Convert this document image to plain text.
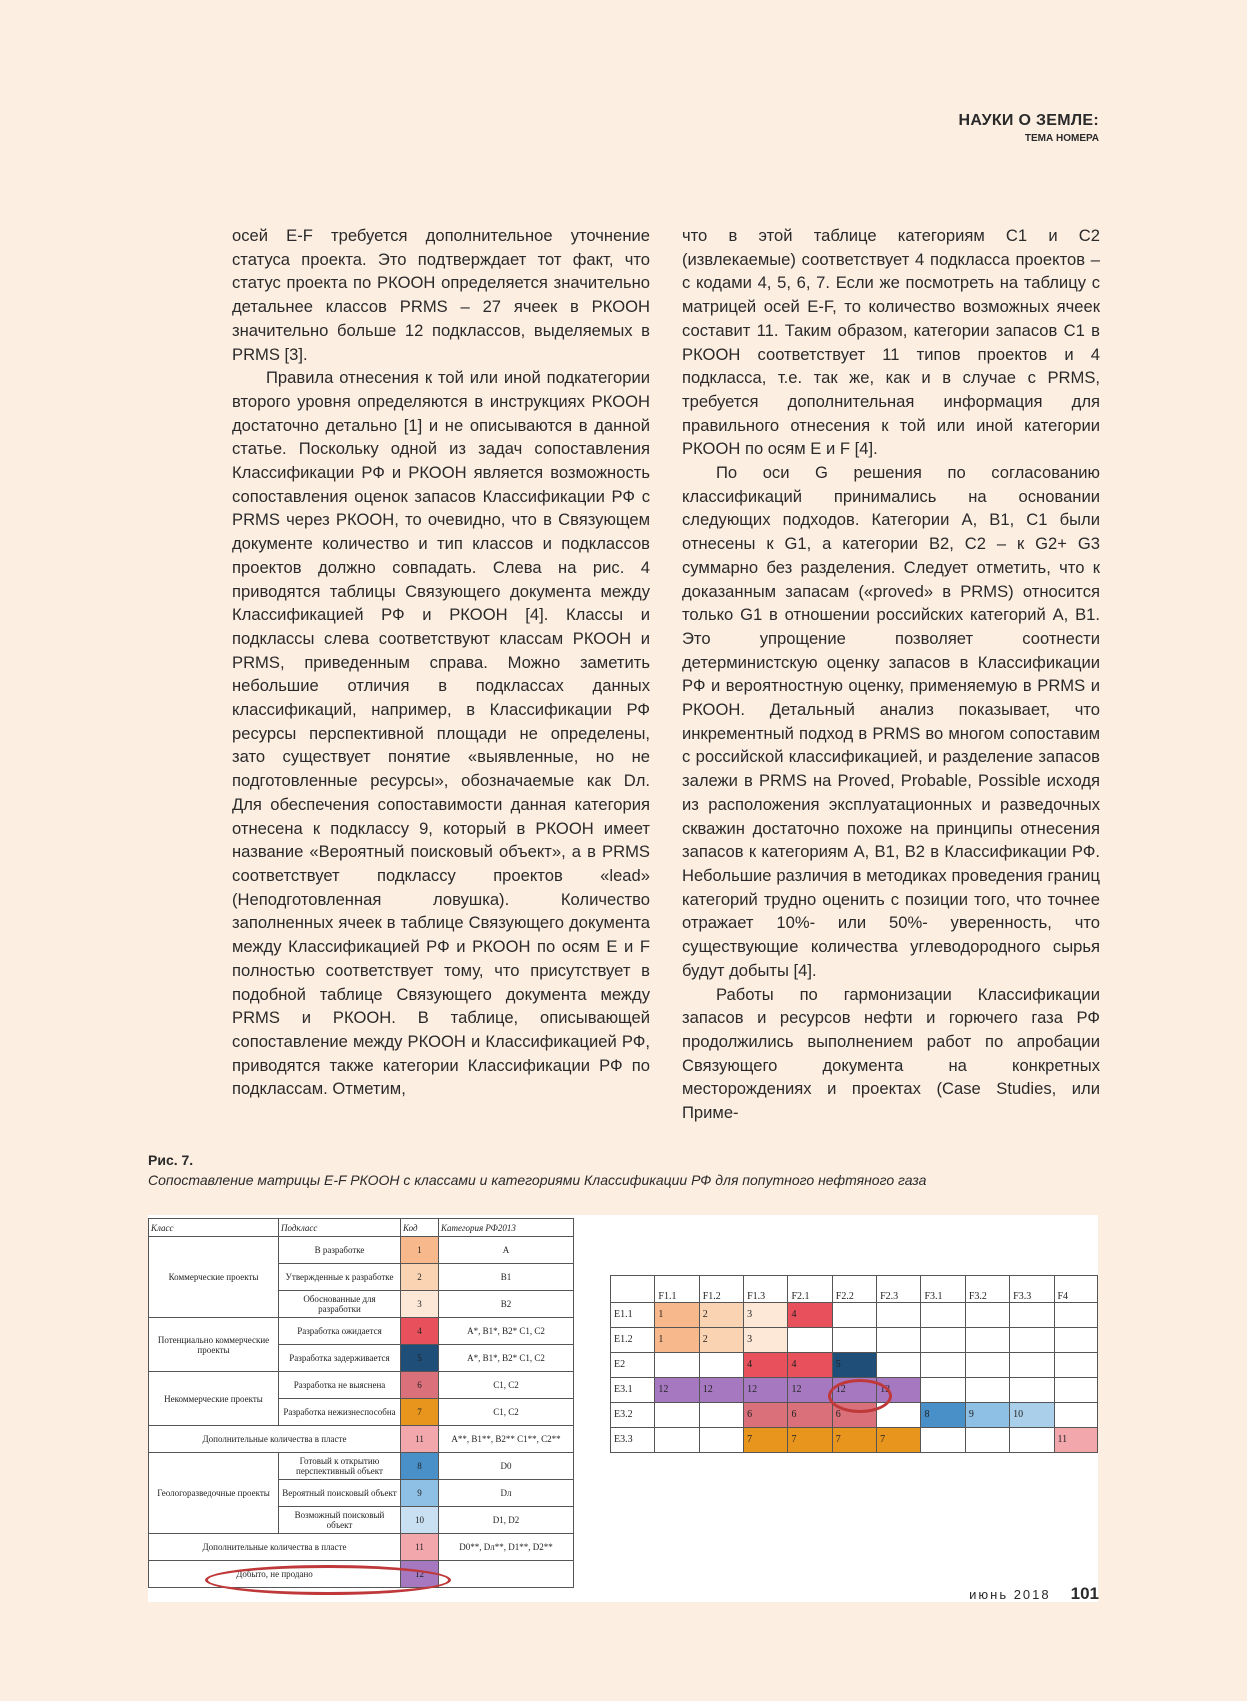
НАУКИ О ЗЕМЛЕ:
ТЕМА НОМЕРА

осей E-F требуется дополнительное уточнение статуса проекта. Это подтверждает тот факт, что статус проекта по РКООН определяется значительно детальнее классов PRMS – 27 ячеек в РКООН значительно больше 12 подклассов, выделяемых в PRMS [3].

Правила отнесения к той или иной подкатегории второго уровня определяются в инструкциях РКООН достаточно детально [1] и не описываются в данной статье. Поскольку одной из задач сопоставления Классификации РФ и РКООН является возможность сопоставления оценок запасов Классификации РФ с PRMS через РКООН, то очевидно, что в Связующем документе количество и тип классов и подклассов проектов должно совпадать. Слева на рис. 4 приводятся таблицы Связующего документа между Классификацией РФ и РКООН [4]. Классы и подклассы слева соответствуют классам РКООН и PRMS, приведенным справа. Можно заметить небольшие отличия в подклассах данных классификаций, например, в Классификации РФ ресурсы перспективной площади не определены, зато существует понятие «выявленные, но не подготовленные ресурсы», обозначаемые как Dл. Для обеспечения сопоставимости данная категория отнесена к подклассу 9, который в РКООН имеет название «Вероятный поисковый объект», а в PRMS соответствует подклассу проектов «lead» (Неподготовленная ловушка). Количество заполненных ячеек в таблице Связующего документа между Классификацией РФ и РКООН по осям E и F полностью соответствует тому, что присутствует в подобной таблице Связующего документа между PRMS и РКООН. В таблице, описывающей сопоставление между РКООН и Классификацией РФ, приводятся также категории Классификации РФ по подклассам. Отметим,

что в этой таблице категориям С1 и С2 (извлекаемые) соответствует 4 подкласса проектов – с кодами 4, 5, 6, 7. Если же посмотреть на таблицу с матрицей осей E-F, то количество возможных ячеек составит 11. Таким образом, категории запасов С1 в РКООН соответствует 11 типов проектов и 4 подкласса, т.е. так же, как и в случае с PRMS, требуется дополнительная информация для правильного отнесения к той или иной категории РКООН по осям E и F [4].

По оси G решения по согласованию классификаций принимались на основании следующих подходов. Категории А, В1, С1 были отнесены к G1, а категории В2, С2 – к G2+ G3 суммарно без разделения. Следует отметить, что к доказанным запасам («proved» в PRMS) относится только G1 в отношении российских категорий А, В1. Это упрощение позволяет соотнести детерминистскую оценку запасов в Классификации РФ и вероятностную оценку, применяемую в PRMS и РКООН. Детальный анализ показывает, что инкрементный подход в PRMS во многом сопоставим с российской классификацией, и разделение запасов залежи в PRMS на Proved, Probable, Possible исходя из расположения эксплуатационных и разведочных скважин достаточно похоже на принципы отнесения запасов к категориям А, В1, В2 в Классификации РФ. Небольшие различия в методиках проведения границ категорий трудно оценить с позиции того, что точнее отражает 10%- или 50%- уверенность, что существующие количества углеводородного сырья будут добыты [4].

Работы по гармонизации Классификации запасов и ресурсов нефти и горючего газа РФ продолжились выполнением работ по апробации Связующего документа на конкретных месторождениях и проектах (Case Studies, или Приме-

Рис. 7.
Сопоставление матрицы E-F РКООН с классами и категориями Классификации РФ для попутного нефтяного газа
Класс	Подкласс	Код	Категория РФ2013
Коммерческие проекты	В разработке	1	А
	Утвержденные к разработке	2	В1
	Обоснованные для разработки	3	В2
Потенциально коммерческие проекты	Разработка ожидается	4	А*, В1*, В2* С1, С2
	Разработка задерживается	5	А*, В1*, В2* С1, С2
Некоммерческие проекты	Разработка не выяснена	6	С1, С2
	Разработка нежизнеспособна	7	С1, С2
Дополнительные количества в пласте		11	А**, В1**, В2** С1**, С2**
Геологоразведочные проекты	Готовый к открытию перспективный объект	8	D0
	Вероятный поисковый объект	9	Dл
	Возможный поисковый объект	10	D1, D2
Дополнительные количества в пласте		11	D0**, Dл**, D1**, D2**
Добыто, не продано		12	
	F1.1	F1.2	F1.3	F2.1	F2.2	F2.3	F3.1	F3.2	F3.3	F4
E1.1	1	2	3	4						
E1.2	1	2	3							
E2			4	4	5					
E3.1	12	12	12	12	12	12				
E3.2			6	6	6		8	9	10	
E3.3			7	7	7	7				11
июнь 2018 101
